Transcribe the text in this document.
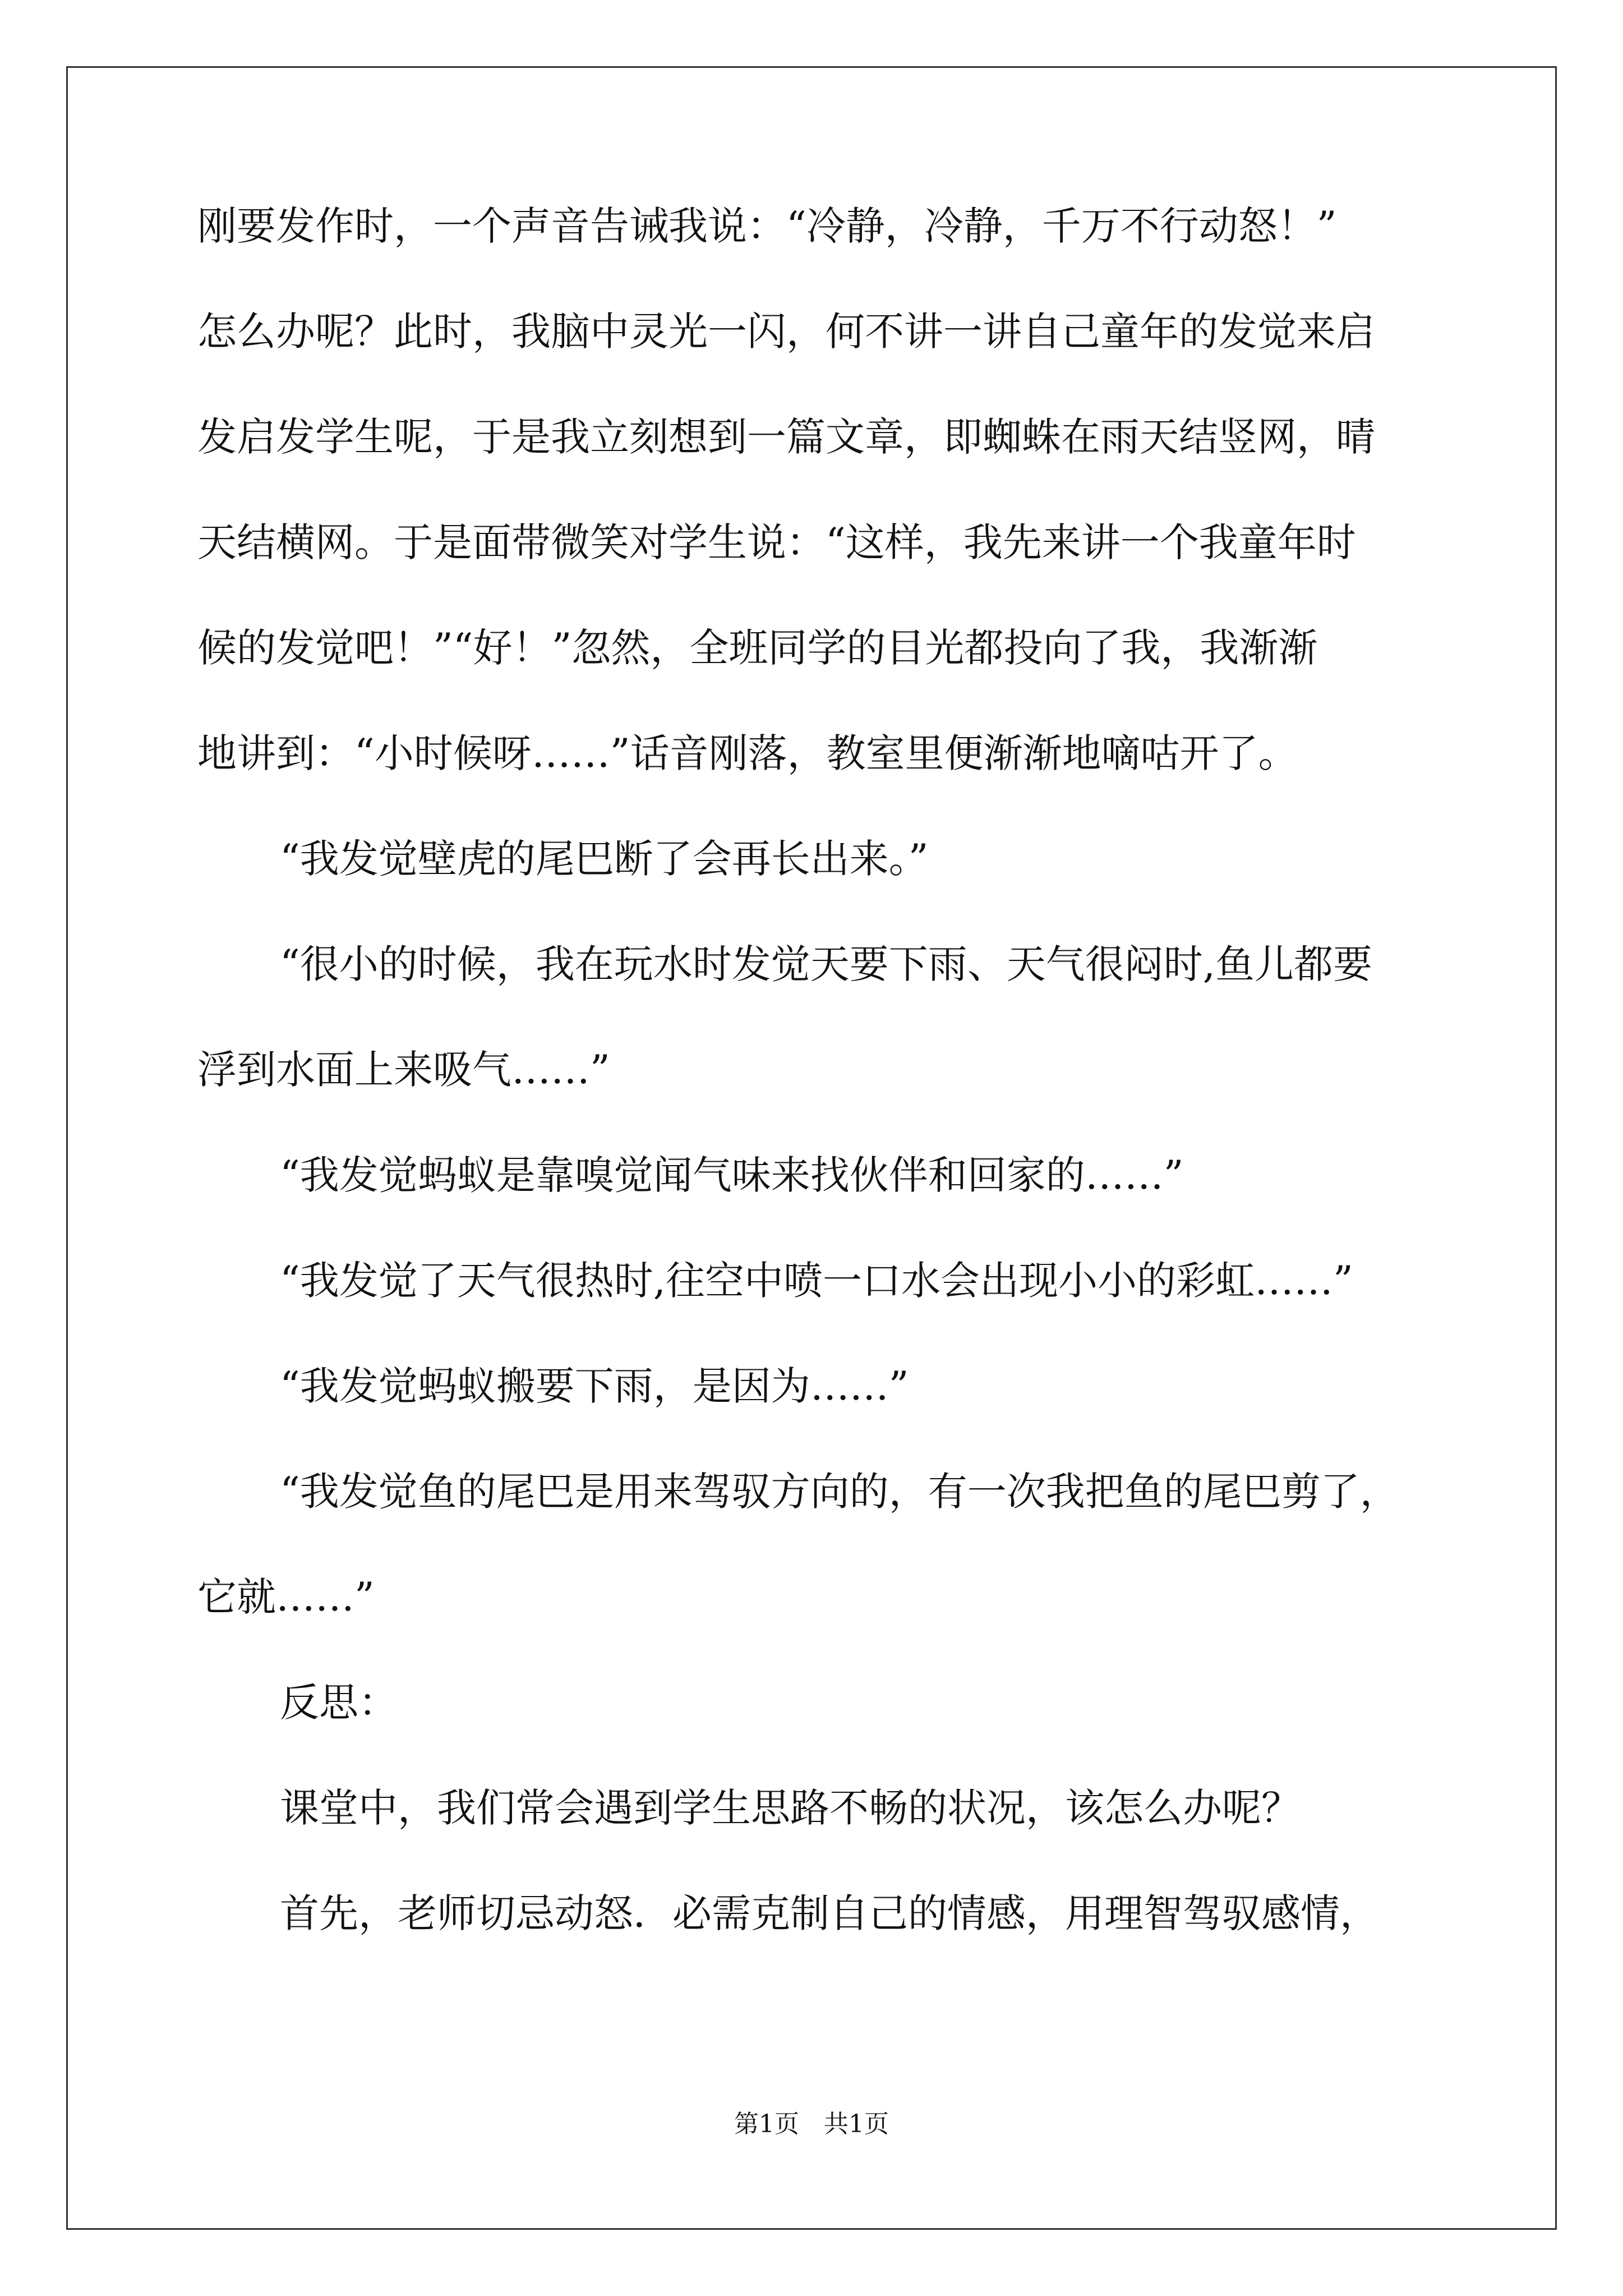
刚要发作时，一个声音告诫我说：“冷静，冷静，千万不行动怒！”

怎么办呢？此时，我脑中灵光一闪，何不讲一讲自己童年的发觉来启

发启发学生呢，于是我立刻想到一篇文章，即蜘蛛在雨天结竖网，晴

天结横网。于是面带微笑对学生说：“这样，我先来讲一个我童年时

候的发觉吧！”“好！”忽然，全班同学的目光都投向了我，我渐渐

地讲到：“小时候呀……”话音刚落，教室里便渐渐地嘀咕开了。

“我发觉壁虎的尾巴断了会再长出来。”

“很小的时候，我在玩水时发觉天要下雨、天气很闷时,鱼儿都要

浮到水面上来吸气……”

“我发觉蚂蚁是靠嗅觉闻气味来找伙伴和回家的……”

“我发觉了天气很热时,往空中喷一口水会出现小小的彩虹……”

“我发觉蚂蚁搬要下雨，是因为……”

“我发觉鱼的尾巴是用来驾驭方向的，有一次我把鱼的尾巴剪了，

它就……”

反思：

课堂中，我们常会遇到学生思路不畅的状况，该怎么办呢？

首先，老师切忌动怒．必需克制自己的情感，用理智驾驭感情，

第1页　共1页
